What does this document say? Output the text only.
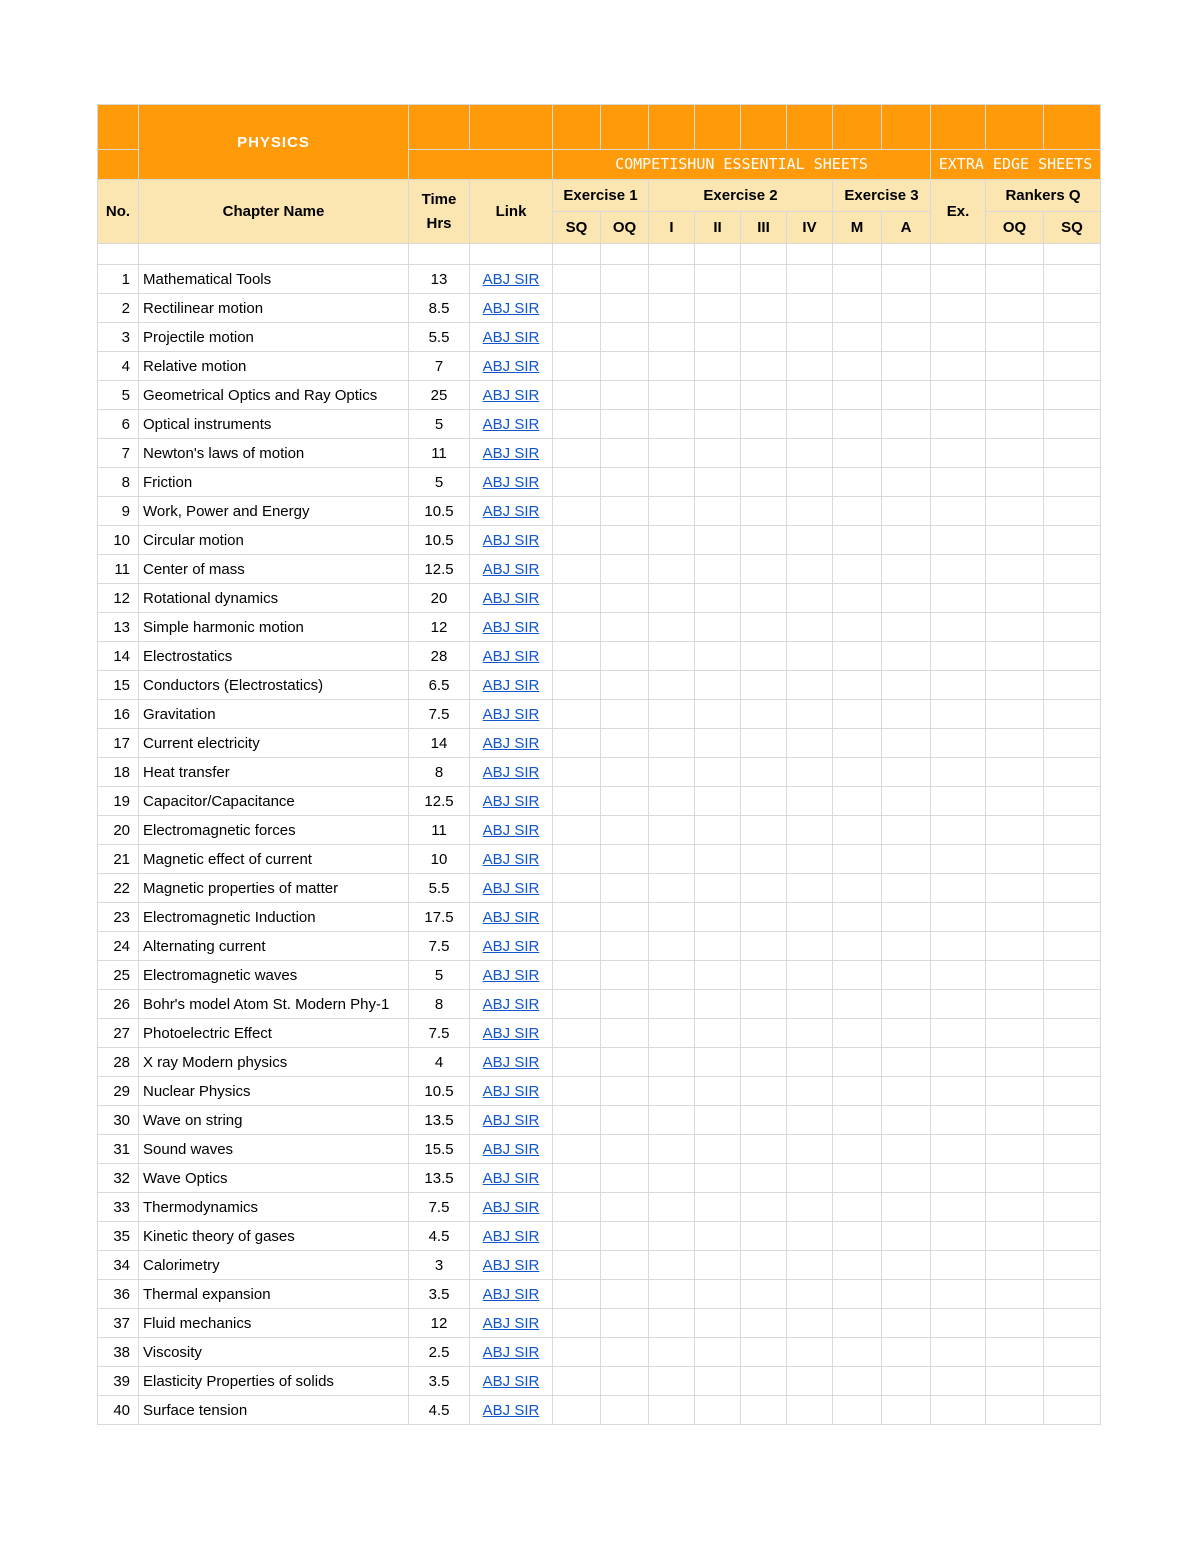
	PHYSICS													
				COMPETISHUN ESSENTIAL SHEETS								EXTRA EDGE SHEETS		
No.	Chapter Name	Time Hrs	Link	Exercise 1		Exercise 2				Exercise 3		Ex.	Rankers Q	
				SQ	OQ	I	II	III	IV	M	A		OQ	SQ

1	Mathematical Tools	13	ABJ SIR											
2	Rectilinear motion	8.5	ABJ SIR											
3	Projectile motion	5.5	ABJ SIR											
4	Relative motion	7	ABJ SIR											
5	Geometrical Optics and Ray Optics	25	ABJ SIR											
6	Optical instruments	5	ABJ SIR											
7	Newton's laws of motion	11	ABJ SIR											
8	Friction	5	ABJ SIR											
9	Work, Power and Energy	10.5	ABJ SIR											
10	Circular motion	10.5	ABJ SIR											
11	Center of mass	12.5	ABJ SIR											
12	Rotational dynamics	20	ABJ SIR											
13	Simple harmonic motion	12	ABJ SIR											
14	Electrostatics	28	ABJ SIR											
15	Conductors (Electrostatics)	6.5	ABJ SIR											
16	Gravitation	7.5	ABJ SIR											
17	Current electricity	14	ABJ SIR											
18	Heat transfer	8	ABJ SIR											
19	Capacitor/Capacitance	12.5	ABJ SIR											
20	Electromagnetic forces	11	ABJ SIR											
21	Magnetic effect of current	10	ABJ SIR											
22	Magnetic properties of matter	5.5	ABJ SIR											
23	Electromagnetic Induction	17.5	ABJ SIR											
24	Alternating current	7.5	ABJ SIR											
25	Electromagnetic waves	5	ABJ SIR											
26	Bohr's model Atom St. Modern Phy-1	8	ABJ SIR											
27	Photoelectric Effect	7.5	ABJ SIR											
28	X ray Modern physics	4	ABJ SIR											
29	Nuclear Physics	10.5	ABJ SIR											
30	Wave on string	13.5	ABJ SIR											
31	Sound waves	15.5	ABJ SIR											
32	Wave Optics	13.5	ABJ SIR											
33	Thermodynamics	7.5	ABJ SIR											
35	Kinetic theory of gases	4.5	ABJ SIR											
34	Calorimetry	3	ABJ SIR											
36	Thermal expansion	3.5	ABJ SIR											
37	Fluid mechanics	12	ABJ SIR											
38	Viscosity	2.5	ABJ SIR											
39	Elasticity Properties of solids	3.5	ABJ SIR											
40	Surface tension	4.5	ABJ SIR											
